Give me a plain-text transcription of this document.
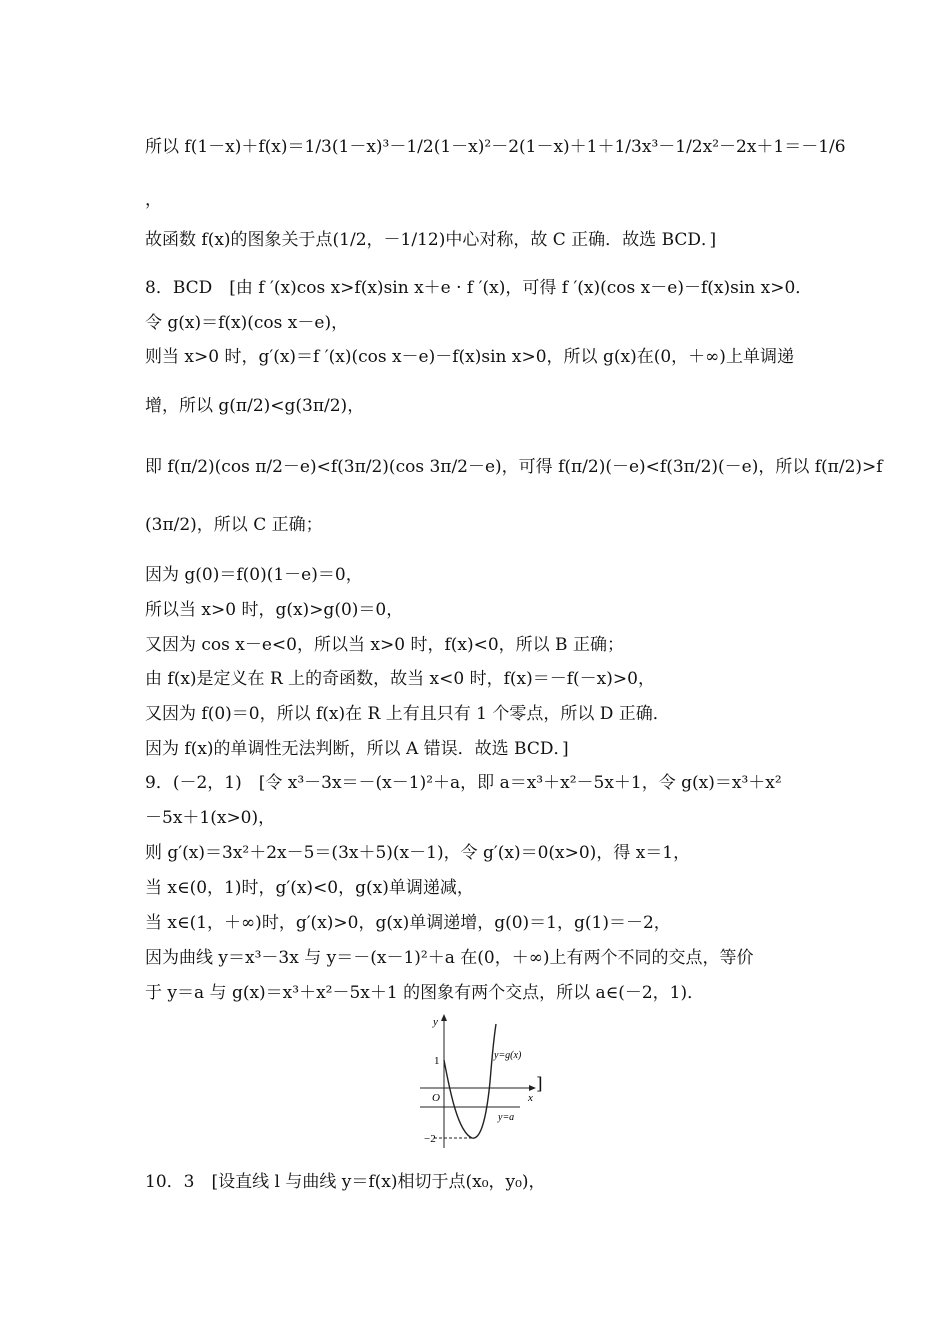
所以 f(1－x)＋f(x)＝1/3(1－x)³－1/2(1－x)²－2(1－x)＋1＋1/3x³－1/2x²－2x＋1＝－1/6
，
故函数 f(x)的图象关于点(1/2，－1/12)中心对称，故 C 正确．故选 BCD．]
8．BCD　[由 f ′(x)cos x>f(x)sin x＋e · f ′(x)，可得 f ′(x)(cos x－e)－f(x)sin x>0．
令 g(x)＝f(x)(cos x－e)，
则当 x>0 时，g′(x)＝f ′(x)(cos x－e)－f(x)sin x>0，所以 g(x)在(0，＋∞)上单调递
增，所以 g(π/2)<g(3π/2)，
即 f(π/2)(cos π/2－e)<f(3π/2)(cos 3π/2－e)，可得 f(π/2)(－e)<f(3π/2)(－e)，所以 f(π/2)>f
(3π/2)，所以 C 正确；
因为 g(0)＝f(0)(1－e)＝0，
所以当 x>0 时，g(x)>g(0)＝0，
又因为 cos x－e<0，所以当 x>0 时，f(x)<0，所以 B 正确；
由 f(x)是定义在 R 上的奇函数，故当 x<0 时，f(x)＝－f(－x)>0，
又因为 f(0)＝0，所以 f(x)在 R 上有且只有 1 个零点，所以 D 正确．
因为 f(x)的单调性无法判断，所以 A 错误．故选 BCD．]
9．(－2，1)　[令 x³－3x＝－(x－1)²＋a，即 a＝x³＋x²－5x＋1，令 g(x)＝x³＋x²
－5x＋1(x>0)，
则 g′(x)＝3x²＋2x－5＝(3x＋5)(x－1)，令 g′(x)＝0(x>0)，得 x＝1，
当 x∈(0，1)时，g′(x)<0，g(x)单调递减，
当 x∈(1，＋∞)时，g′(x)>0，g(x)单调递增，g(0)＝1，g(1)＝－2，
因为曲线 y＝x³－3x 与 y＝－(x－1)²＋a 在(0，＋∞)上有两个不同的交点，等价
于 y＝a 与 g(x)＝x³＋x²－5x＋1 的图象有两个交点，所以 a∈(－2，1)．
y
x
O
1
−2
y=g(x)
y=a
]
10．3　[设直线 l 与曲线 y＝f(x)相切于点(x₀，y₀)，
